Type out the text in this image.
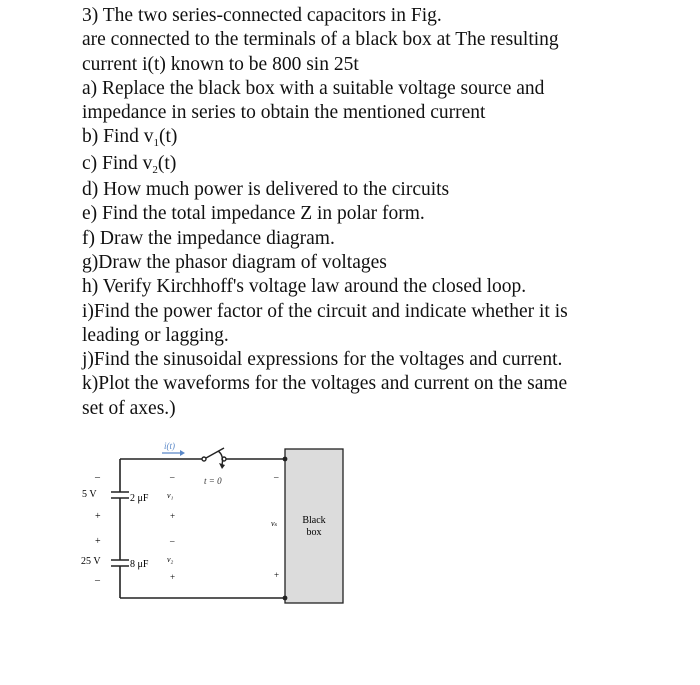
3) The two series-connected capacitors in Fig.
are connected to the terminals of a black box at The resulting
current i(t) known to be 800 sin 25t
a) Replace the black box with a suitable voltage source and
impedance in series to obtain the mentioned current
b) Find $v_1(t)$
c) Find $v_2(t)$
d) How much power is delivered to the circuits
e) Find the total impedance Z in polar form.
f) Draw the impedance diagram.
g)Draw the phasor diagram of voltages
h) Verify Kirchhoff's voltage law around the closed loop.
i)Find the power factor of the circuit and indicate whether it is
leading or lagging.
j)Find the sinusoidal expressions for the voltages and current.
k)Plot the waveforms for the voltages and current on the same
set of axes.)
t = 0
i(t)
5 V	2 μF
–
+
25 V	8 μF
+
–
–
v₁
+
–
v₂
+
–
vₛ
+
Black
box
